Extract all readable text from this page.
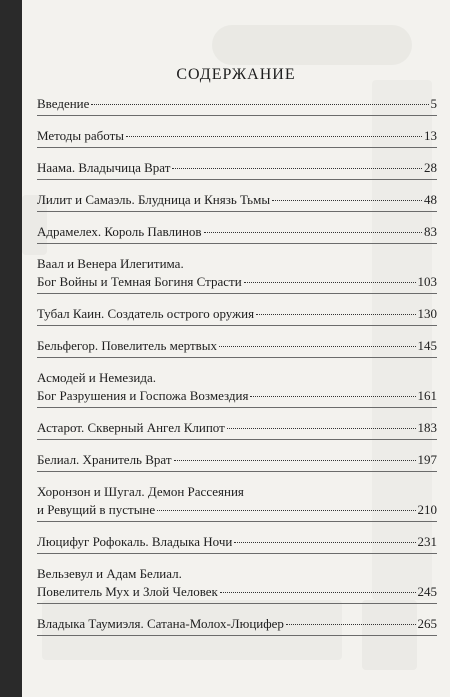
СОДЕРЖАНИЕ
Введение	5
Методы работы	13
Наама. Владычица Врат	28
Лилит и Самаэль. Блудница и Князь Тьмы	48
Адрамелех. Король Павлинов	83
Ваал и Венера Илегитима.
Бог Войны и Темная Богиня Страсти	103
Тубал Каин. Создатель острого оружия	130
Бельфегор. Повелитель мертвых	145
Асмодей и Немезида.
Бог Разрушения и Госпожа Возмездия	161
Астарот. Скверный Ангел Клипот	183
Белиал. Хранитель Врат	197
Хоронзон и Шугал. Демон Рассеяния
и Ревущий в пустыне	210
Люцифуг Рофокаль. Владыка Ночи	231
Вельзевул и Адам Белиал.
Повелитель Мух и Злой Человек	245
Владыка Таумиэля. Сатана-Молох-Люцифер	265
